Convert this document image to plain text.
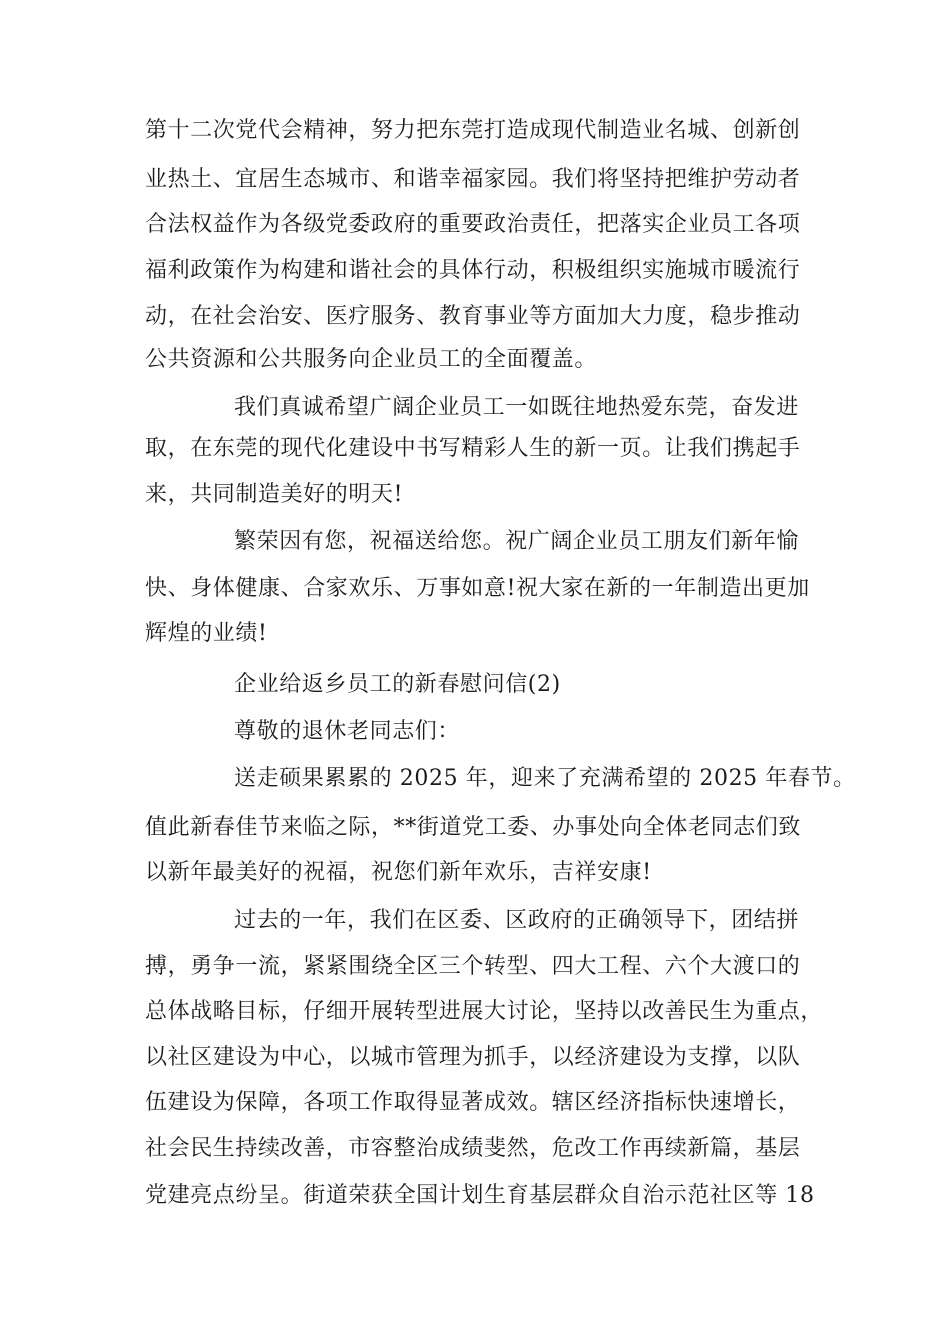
第十二次党代会精神，努力把东莞打造成现代制造业名城、创新创

业热土、宜居生态城市、和谐幸福家园。我们将坚持把维护劳动者

合法权益作为各级党委政府的重要政治责任，把落实企业员工各项

福利政策作为构建和谐社会的具体行动，积极组织实施城市暖流行

动，在社会治安、医疗服务、教育事业等方面加大力度，稳步推动

公共资源和公共服务向企业员工的全面覆盖。

我们真诚希望广阔企业员工一如既往地热爱东莞，奋发进

取，在东莞的现代化建设中书写精彩人生的新一页。让我们携起手

来，共同制造美好的明天!

繁荣因有您，祝福送给您。祝广阔企业员工朋友们新年愉

快、身体健康、合家欢乐、万事如意!祝大家在新的一年制造出更加

辉煌的业绩!

企业给返乡员工的新春慰问信(2)

尊敬的退休老同志们：

送走硕果累累的 2025 年，迎来了充满希望的 2025 年春节。

值此新春佳节来临之际，**街道党工委、办事处向全体老同志们致

以新年最美好的祝福，祝您们新年欢乐，吉祥安康!

过去的一年，我们在区委、区政府的正确领导下，团结拼

搏，勇争一流，紧紧围绕全区三个转型、四大工程、六个大渡口的

总体战略目标，仔细开展转型进展大讨论，坚持以改善民生为重点，

以社区建设为中心，以城市管理为抓手，以经济建设为支撑，以队

伍建设为保障，各项工作取得显著成效。辖区经济指标快速增长，

社会民生持续改善，市容整治成绩斐然，危改工作再续新篇，基层

党建亮点纷呈。街道荣获全国计划生育基层群众自治示范社区等 18
